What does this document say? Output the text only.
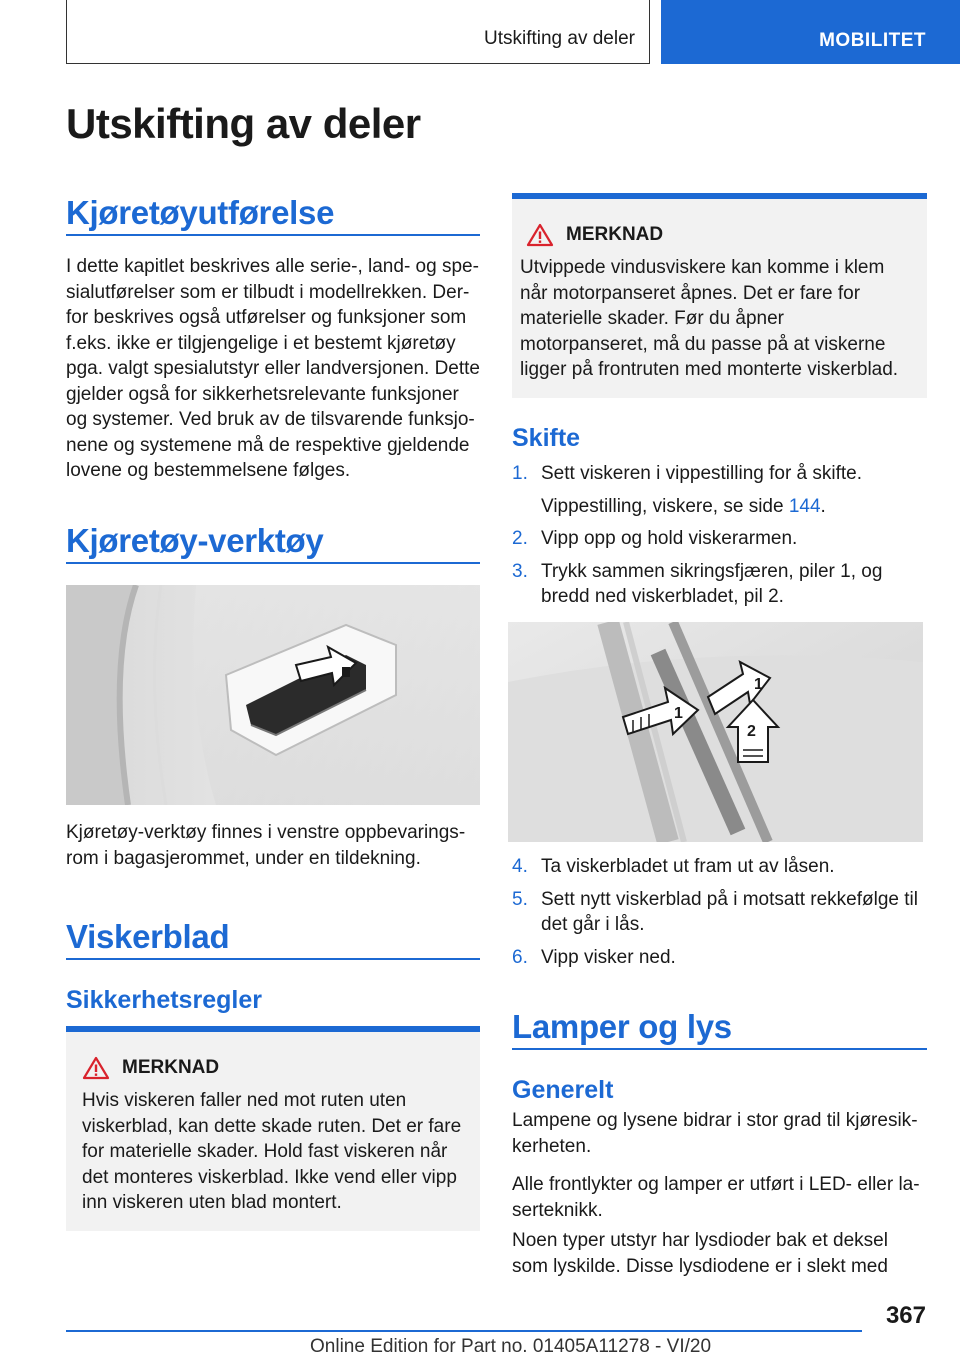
Utskifting av deler	MOBILITET
Utskifting av deler
Kjøretøyutførelse
I dette kapitlet beskrives alle serie-, land- og spesialutførelser som er tilbudt i modellrekken. Derfor beskrives også utførelser og funksjoner som f.eks. ikke er tilgjengelige i et bestemt kjøretøy pga. valgt spesialutstyr eller landversjonen. Dette gjelder også for sikkerhetsrelevante funksjoner og systemer. Ved bruk av de tilsvarende funksjonene og systemene må de respektive gjeldende lovene og bestemmelsene følges.
Kjøretøy-verktøy
Kjøretøy-verktøy finnes i venstre oppbevaringsrom i bagasjerommet, under en tildekning.
Viskerblad
Sikkerhetsregler
MERKNAD
Hvis viskeren faller ned mot ruten uten viskerblad, kan dette skade ruten. Det er fare for materielle skader. Hold fast viskeren når det monteres viskerblad. Ikke vend eller vipp inn viskeren uten blad montert.
MERKNAD
Utvippede vindusviskere kan komme i klem når motorpanseret åpnes. Det er fare for materielle skader. Før du åpner motorpanseret, må du passe på at viskerne ligger på frontruten med monterte viskerblad.
Skifte
1. Sett viskeren i vippestilling for å skifte.
Vippestilling, viskere, se side 144.
2. Vipp opp og hold viskerarmen.
3. Trykk sammen sikringsfjæren, piler 1, og bredd ned viskerbladet, pil 2.
1
1
2
4. Ta viskerbladet ut fram ut av låsen.
5. Sett nytt viskerblad på i motsatt rekkefølge til det går i lås.
6. Vipp visker ned.
Lamper og lys
Generelt
Lampene og lysene bidrar i stor grad til kjøresikkerheten.
Alle frontlykter og lamper er utført i LED- eller laserteknikk.
Noen typer utstyr har lysdioder bak et deksel som lyskilde. Disse lysdiodene er i slekt med
367
Online Edition for Part no. 01405A11278 - VI/20
